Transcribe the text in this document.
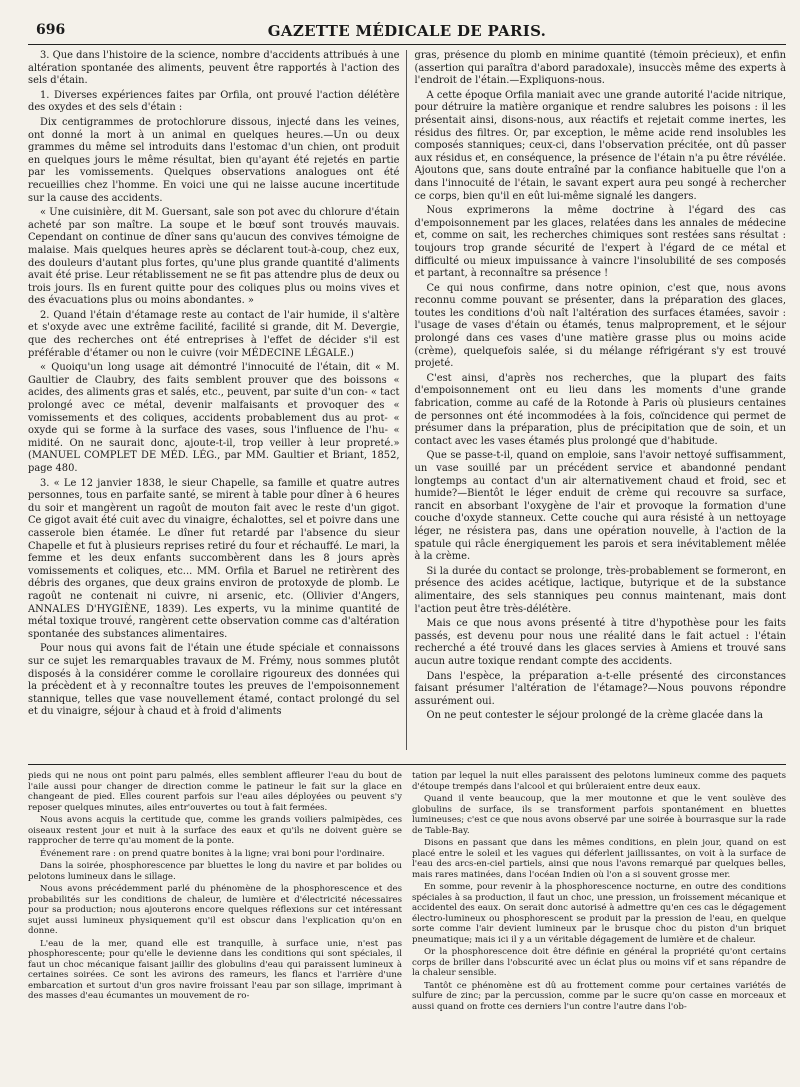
696	GAZETTE MÉDICALE DE PARIS.

3. Que dans l'histoire de la science, nombre d'accidents attribués à une altération spontanée des aliments, peuvent être rapportés à l'action des sels d'étain.

1. Diverses expériences faites par Orfila, ont prouvé l'action délétère des oxydes et des sels d'étain :

Dix centigrammes de protochlorure dissous, injecté dans les veines, ont donné la mort à un animal en quelques heures.—Un ou deux grammes du même sel introduits dans l'estomac d'un chien, ont produit en quelques jours le même résultat, bien qu'ayant été rejetés en partie par les vomissements. Quelques observations analogues ont été recueillies chez l'homme. En voici une qui ne laisse aucune incertitude sur la cause des accidents.

« Une cuisinière, dit M. Guersant, sale son pot avec du chlorure d'étain acheté par son maître. La soupe et le bœuf sont trouvés mauvais. Cependant on continue de dîner sans qu'aucun des convives témoigne de malaise. Mais quelques heures après se déclarent tout-à-coup, chez eux, des douleurs d'autant plus fortes, qu'une plus grande quantité d'aliments avait été prise. Leur rétablissement ne se fit pas attendre plus de deux ou trois jours. Ils en furent quitte pour des coliques plus ou moins vives et des évacuations plus ou moins abondantes. »

2. Quand l'étain d'étamage reste au contact de l'air humide, il s'altère et s'oxyde avec une extrême facilité, facilité si grande, dit M. Devergie, que des recherches ont été entreprises à l'effet de décider s'il est préférable d'étamer ou non le cuivre (voir MÉDECINE LÉGALE.)

« Quoiqu'un long usage ait démontré l'innocuité de l'étain, dit « M. Gaultier de Claubry, des faits semblent prouver que des boissons « acides, des aliments gras et salés, etc., peuvent, par suite d'un con- « tact prolongé avec ce métal, devenir malfaisants et provoquer des « vomissements et des coliques, accidents probablement dus au prot- « oxyde qui se forme à la surface des vases, sous l'influence de l'hu- « midité. On ne saurait donc, ajoute-t-il, trop veiller à leur propreté.» (MANUEL COMPLET DE MÉD. LÉG., par MM. Gaultier et Briant, 1852, page 480.

3. « Le 12 janvier 1838, le sieur Chapelle, sa famille et quatre autres personnes, tous en parfaite santé, se mirent à table pour dîner à 6 heures du soir et mangèrent un ragoût de mouton fait avec le reste d'un gigot. Ce gigot avait été cuit avec du vinaigre, échalottes, sel et poivre dans une casserole bien étamée. Le dîner fut retardé par l'absence du sieur Chapelle et fut à plusieurs reprises retiré du four et réchauffé. Le mari, la femme et les deux enfants succombèrent dans les 8 jours après vomissements et coliques, etc... MM. Orfila et Baruel ne retirèrent des débris des organes, que deux grains environ de protoxyde de plomb. Le ragoût ne contenait ni cuivre, ni arsenic, etc. (Ollivier d'Angers, ANNALES D'HYGIÈNE, 1839). Les experts, vu la minime quantité de métal toxique trouvé, rangèrent cette observation comme cas d'altération spontanée des substances alimentaires.

Pour nous qui avons fait de l'étain une étude spéciale et connaissons sur ce sujet les remarquables travaux de M. Frémy, nous sommes plutôt disposés à la considérer comme le corollaire rigoureux des données qui la précèdent et à y reconnaître toutes les preuves de l'empoisonnement stannique, telles que vase nouvellement étamé, contact prolongé du sel et du vinaigre, séjour à chaud et à froid d'aliments

gras, présence du plomb en minime quantité (témoin précieux), et enfin (assertion qui paraîtra d'abord paradoxale), insuccès même des experts à l'endroit de l'étain.—Expliquons-nous.

A cette époque Orfila maniait avec une grande autorité l'acide nitrique, pour détruire la matière organique et rendre salubres les poisons : il les présentait ainsi, disons-nous, aux réactifs et rejetait comme inertes, les résidus des filtres. Or, par exception, le même acide rend insolubles les composés stanniques; ceux-ci, dans l'observation précitée, ont dû passer aux résidus et, en conséquence, la présence de l'étain n'a pu être révélée. Ajoutons que, sans doute entraîné par la confiance habituelle que l'on a dans l'innocuité de l'étain, le savant expert aura peu songé à rechercher ce corps, bien qu'il en eût lui-même signalé les dangers.

Nous exprimerons la même doctrine à l'égard des cas d'empoisonnement par les glaces, relatées dans les annales de médecine et, comme on sait, les recherches chimiques sont restées sans résultat : toujours trop grande sécurité de l'expert à l'égard de ce métal et difficulté ou mieux impuissance à vaincre l'insolubilité de ses composés et partant, à reconnaître sa présence !

Ce qui nous confirme, dans notre opinion, c'est que, nous avons reconnu comme pouvant se présenter, dans la préparation des glaces, toutes les conditions d'où naît l'altération des surfaces étamées, savoir : l'usage de vases d'étain ou étamés, tenus malproprement, et le séjour prolongé dans ces vases d'une matière grasse plus ou moins acide (crème), quelquefois salée, si du mélange réfrigérant s'y est trouvé projeté.

C'est ainsi, d'après nos recherches, que la plupart des faits d'empoisonnement ont eu lieu dans les moments d'une grande fabrication, comme au café de la Rotonde à Paris où plusieurs centaines de personnes ont été incommodées à la fois, coïncidence qui permet de présumer dans la préparation, plus de précipitation que de soin, et un contact avec les vases étamés plus prolongé que d'habitude.

Que se passe-t-il, quand on emploie, sans l'avoir nettoyé suffisamment, un vase souillé par un précédent service et abandonné pendant longtemps au contact d'un air alternativement chaud et froid, sec et humide?—Bientôt le léger enduit de crème qui recouvre sa surface, rancit en absorbant l'oxygène de l'air et provoque la formation d'une couche d'oxyde stanneux. Cette couche qui aura résisté à un nettoyage léger, ne résistera pas, dans une opération nouvelle, à l'action de la spatule qui râcle énergiquement les parois et sera inévitablement mêlée à la crème.

Si la durée du contact se prolonge, très-probablement se formeront, en présence des acides acétique, lactique, butyrique et de la substance alimentaire, des sels stanniques peu connus maintenant, mais dont l'action peut être très-délétère.

Mais ce que nous avons présenté à titre d'hypothèse pour les faits passés, est devenu pour nous une réalité dans le fait actuel : l'étain recherché a été trouvé dans les glaces servies à Amiens et trouvé sans aucun autre toxique rendant compte des accidents.

Dans l'espèce, la préparation a-t-elle présenté des circonstances faisant présumer l'altération de l'étamage?—Nous pouvons répondre assurément oui.

On ne peut contester le séjour prolongé de la crème glacée dans la

pieds qui ne nous ont point paru palmés, elles semblent affleurer l'eau du bout de l'aile aussi pour changer de direction comme le patineur le fait sur la glace en changeant de pied. Elles courent parfois sur l'eau ailes déployées ou peuvent s'y reposer quelques minutes, ailes entr'ouvertes ou tout à fait fermées.

Nous avons acquis la certitude que, comme les grands voiliers palmipèdes, ces oiseaux restent jour et nuit à la surface des eaux et qu'ils ne doivent guère se rapprocher de terre qu'au moment de la ponte.

Événement rare : on prend quatre bonites à la ligne; vrai boni pour l'ordinaire.

Dans la soirée, phosphorescence par bluettes le long du navire et par bolides ou pelotons lumineux dans le sillage.

Nous avons précédemment parlé du phénomène de la phosphorescence et des probabilités sur les conditions de chaleur, de lumière et d'électricité nécessaires pour sa production; nous ajouterons encore quelques réflexions sur cet intéressant sujet aussi lumineux physiquement qu'il est obscur dans l'explication qu'on en donne.

L'eau de la mer, quand elle est tranquille, à surface unie, n'est pas phosphorescente; pour qu'elle le devienne dans les conditions qui sont spéciales, il faut un choc mécanique faisant jaillir des globulins d'eau qui paraissent lumineux à certaines soirées. Ce sont les avirons des rameurs, les flancs et l'arrière d'une embarcation et surtout d'un gros navire froissant l'eau par son sillage, imprimant à des masses d'eau écumantes un mouvement de ro-

tation par lequel la nuit elles paraissent des pelotons lumineux comme des paquets d'étoupe trempés dans l'alcool et qui brûleraient entre deux eaux.

Quand il vente beaucoup, que la mer moutonne et que le vent soulève des globulins de surface, ils se transforment parfois spontanément en bluettes lumineuses; c'est ce que nous avons observé par une soirée à bourrasque sur la rade de Table-Bay.

Disons en passant que dans les mêmes conditions, en plein jour, quand on est placé entre le soleil et les vagues qui déferlent jaillissantes, on voit à la surface de l'eau des arcs-en-ciel partiels, ainsi que nous l'avons remarqué par quelques belles, mais rares matinées, dans l'océan Indien où l'on a si souvent grosse mer.

En somme, pour revenir à la phosphorescence nocturne, en outre des conditions spéciales à sa production, il faut un choc, une pression, un froissement mécanique et accidentel des eaux. On serait donc autorisé à admettre qu'en ces cas le dégagement électro-lumineux ou phosphorescent se produit par la pression de l'eau, en quelque sorte comme l'air devient lumineux par le brusque choc du piston d'un briquet pneumatique; mais ici il y a un véritable dégagement de lumière et de chaleur.

Or la phosphorescence doit être définie en général la propriété qu'ont certains corps de briller dans l'obscurité avec un éclat plus ou moins vif et sans répandre de la chaleur sensible.

Tantôt ce phénomène est dû au frottement comme pour certaines variétés de sulfure de zinc; par la percussion, comme par le sucre qu'on casse en morceaux et aussi quand on frotte ces derniers l'un contre l'autre dans l'ob-
